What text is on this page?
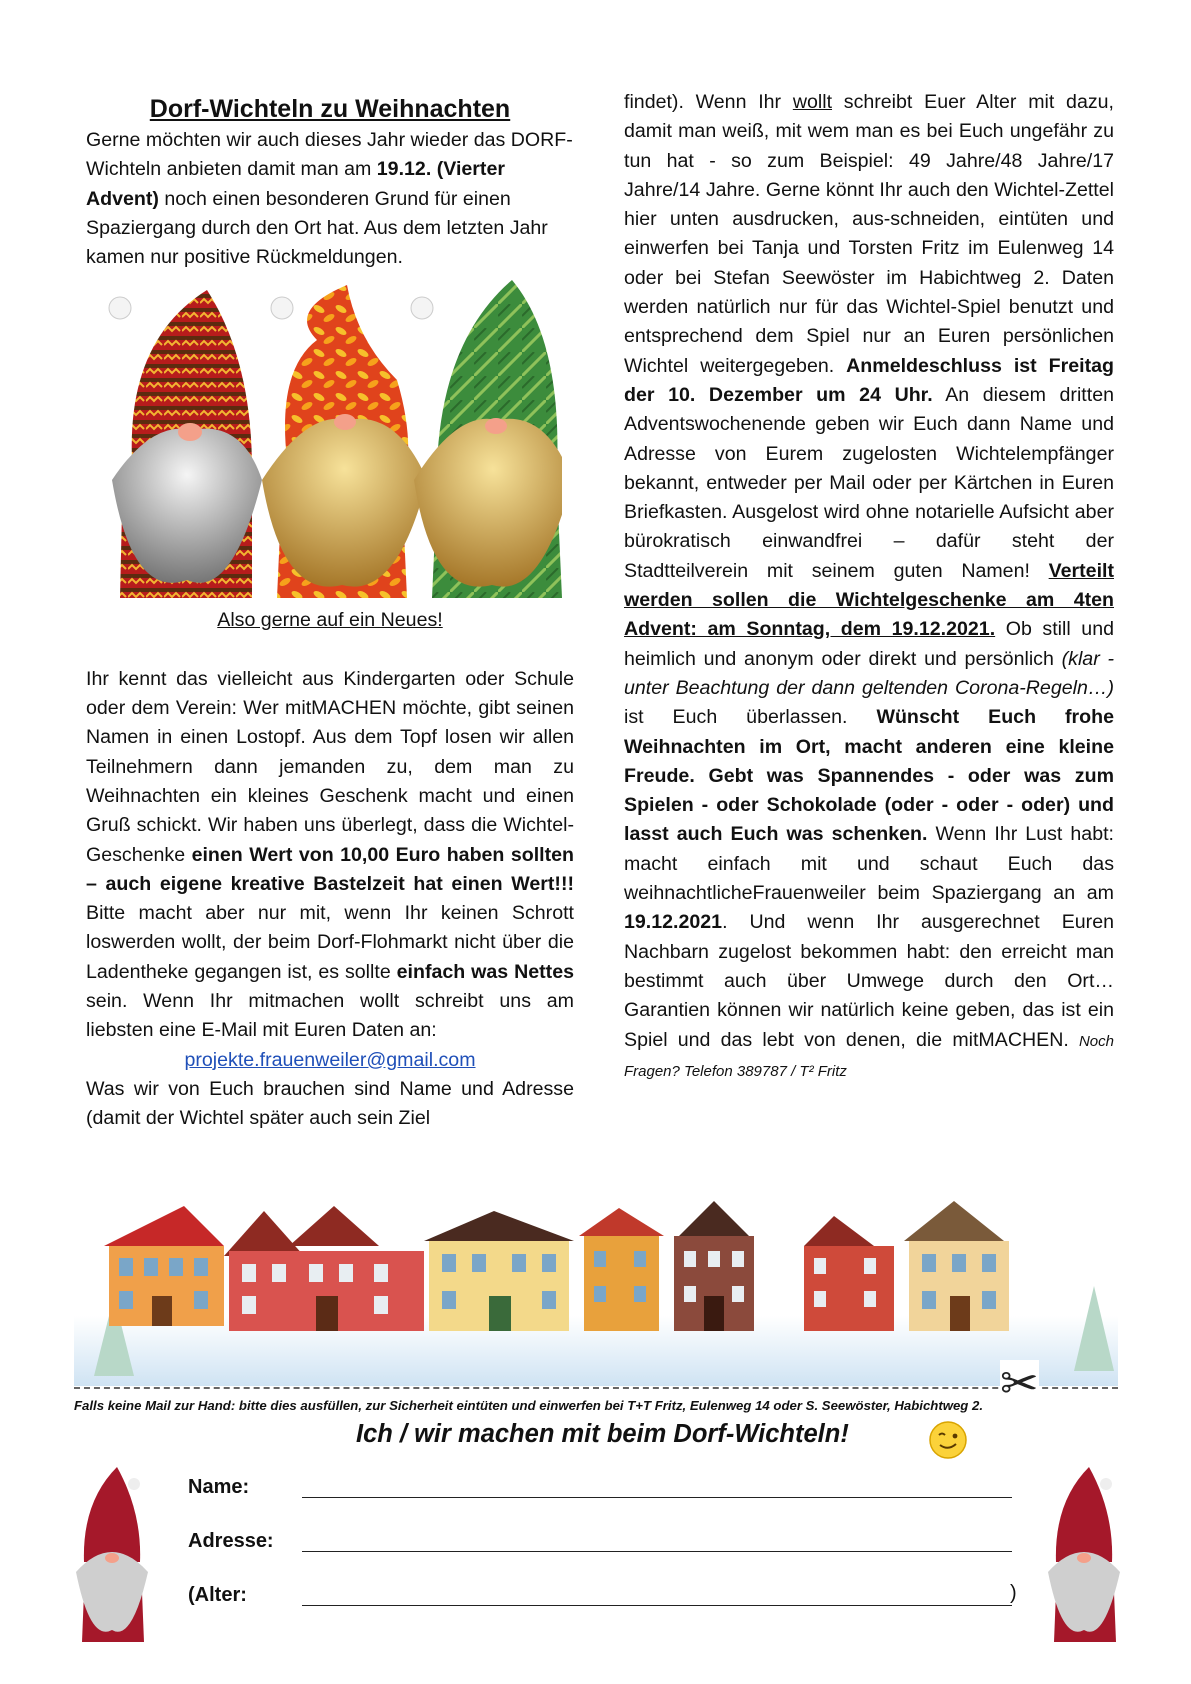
Dorf-Wichteln zu Weihnachten

Gerne möchten wir auch dieses Jahr wieder das DORF-Wichteln anbieten damit man am 19.12. (Vierter Advent) noch einen besonderen Grund für einen Spaziergang durch den Ort hat. Aus dem letzten Jahr kamen nur positive Rückmeldungen.

Also gerne auf ein Neues!

Ihr kennt das vielleicht aus Kindergarten oder Schule oder dem Verein: Wer mitMACHEN möchte, gibt seinen Namen in einen Lostopf. Aus dem Topf losen wir allen Teilnehmern dann jemanden zu, dem man zu Weihnachten ein kleines Geschenk macht und einen Gruß schickt. Wir haben uns überlegt, dass die Wichtel-Geschenke einen Wert von 10,00 Euro haben sollten – auch eigene kreative Bastelzeit hat einen Wert!!! Bitte macht aber nur mit, wenn Ihr keinen Schrott loswerden wollt, der beim Dorf-Flohmarkt nicht über die Ladentheke gegangen ist, es sollte einfach was Nettes sein. Wenn Ihr mitmachen wollt schreibt uns am liebsten eine E-Mail mit Euren Daten an:

projekte.frauenweiler@gmail.com

Was wir von Euch brauchen sind Name und Adresse (damit der Wichtel später auch sein Ziel

findet). Wenn Ihr wollt schreibt Euer Alter mit dazu, damit man weiß, mit wem man es bei Euch ungefähr zu tun hat - so zum Beispiel: 49 Jahre/48 Jahre/17 Jahre/14 Jahre. Gerne könnt Ihr auch den Wichtel-Zettel hier unten ausdrucken, aus-schneiden, eintüten und einwerfen bei Tanja und Torsten Fritz im Eulenweg 14 oder bei Stefan Seewöster im Habichtweg 2. Daten werden natürlich nur für das Wichtel-Spiel benutzt und entsprechend dem Spiel nur an Euren persönlichen Wichtel weitergegeben. Anmeldeschluss ist Freitag der 10. Dezember um 24 Uhr. An diesem dritten Adventswochenende geben wir Euch dann Name und Adresse von Eurem zugelosten Wichtelempfänger bekannt, entweder per Mail oder per Kärtchen in Euren Briefkasten. Ausgelost wird ohne notarielle Aufsicht aber bürokratisch einwandfrei – dafür steht der Stadtteilverein mit seinem guten Namen! Verteilt werden sollen die Wichtelgeschenke am 4ten Advent: am Sonntag, dem 19.12.2021. Ob still und heimlich und anonym oder direkt und persönlich (klar - unter Beachtung der dann geltenden Corona-Regeln…) ist Euch überlassen. Wünscht Euch frohe Weihnachten im Ort, macht anderen eine kleine Freude. Gebt was Spannendes - oder was zum Spielen - oder Schokolade (oder - oder - oder) und lasst auch Euch was schenken. Wenn Ihr Lust habt: macht einfach mit und schaut Euch das weihnachtlicheFrauenweiler beim Spaziergang an am 19.12.2021. Und wenn Ihr ausgerechnet Euren Nachbarn zugelost bekommen habt: den erreicht man bestimmt auch über Umwege durch den Ort… Garantien können wir natürlich keine geben, das ist ein Spiel und das lebt von denen, die mitMACHEN. Noch Fragen? Telefon 389787 / T² Fritz

✂
Falls keine Mail zur Hand: bitte dies ausfüllen, zur Sicherheit eintüten und einwerfen bei T+T Fritz, Eulenweg 14 oder S. Seewöster, Habichtweg 2.
Ich / wir machen mit beim Dorf-Wichteln!
Name:
Adresse:
(Alter:	)
